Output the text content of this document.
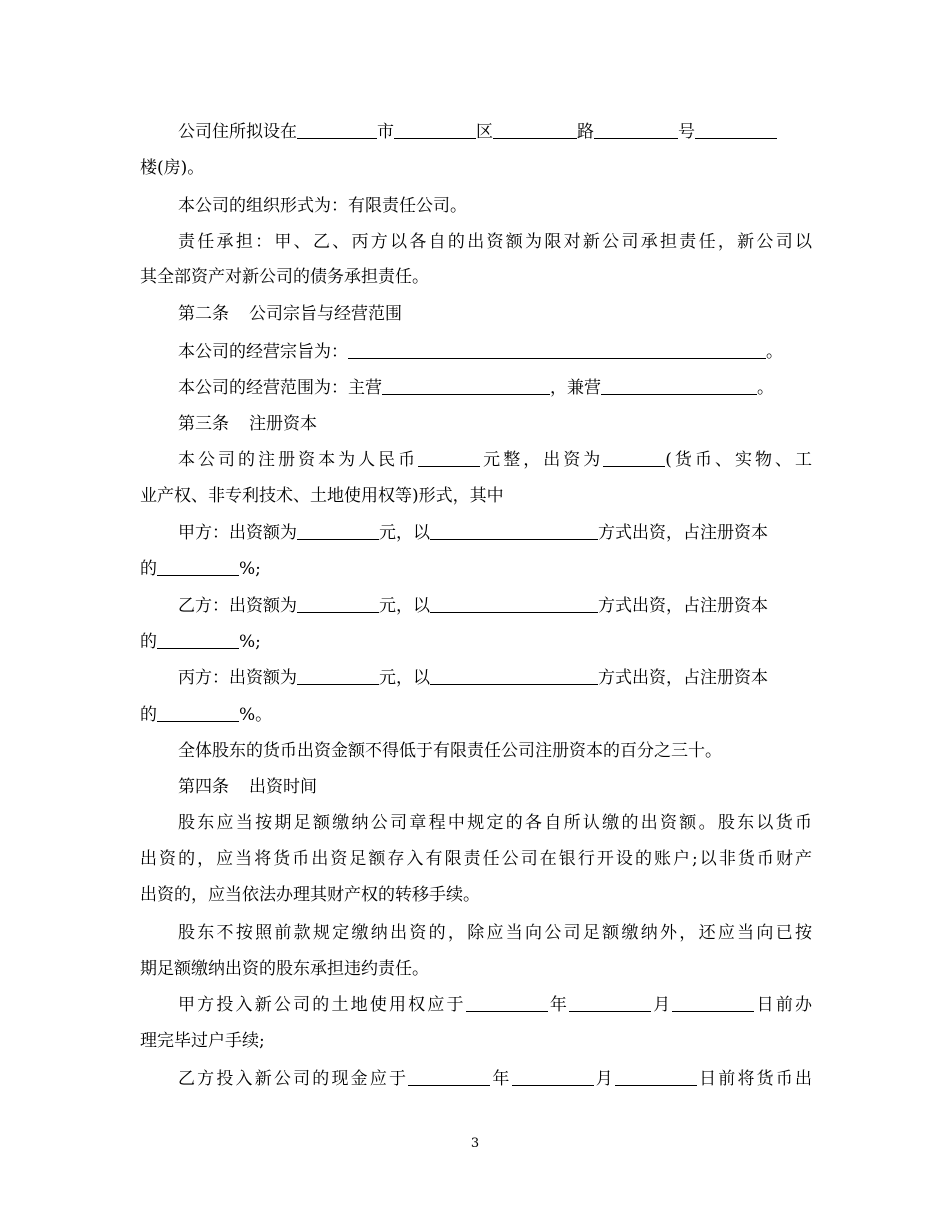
公司住所拟设在	市	区	路	号
楼(房)。
本公司的组织形式为：有限责任公司。
责任承担：甲、乙、丙方以各自的出资额为限对新公司承担责任，新公司以
其全部资产对新公司的债务承担责任。
第二条 公司宗旨与经营范围
本公司的经营宗旨为：	。
本公司的经营范围为：主营	，兼营	。
第三条 注册资本
本公司的注册资本为人民币	元整，出资为	(货币、实物、工
业产权、非专利技术、土地使用权等)形式，其中
甲方：出资额为	元，以	方式出资，占注册资本
的	%;
乙方：出资额为	元，以	方式出资，占注册资本
的	%;
丙方：出资额为	元，以	方式出资，占注册资本
的	%。
全体股东的货币出资金额不得低于有限责任公司注册资本的百分之三十。
第四条 出资时间
股东应当按期足额缴纳公司章程中规定的各自所认缴的出资额。股东以货币
出资的，应当将货币出资足额存入有限责任公司在银行开设的账户;以非货币财产
出资的，应当依法办理其财产权的转移手续。
股东不按照前款规定缴纳出资的，除应当向公司足额缴纳外，还应当向已按
期足额缴纳出资的股东承担违约责任。
甲方投入新公司的土地使用权应于	年	月	日前办
理完毕过户手续;
乙方投入新公司的现金应于	年	月	日前将货币出
3
